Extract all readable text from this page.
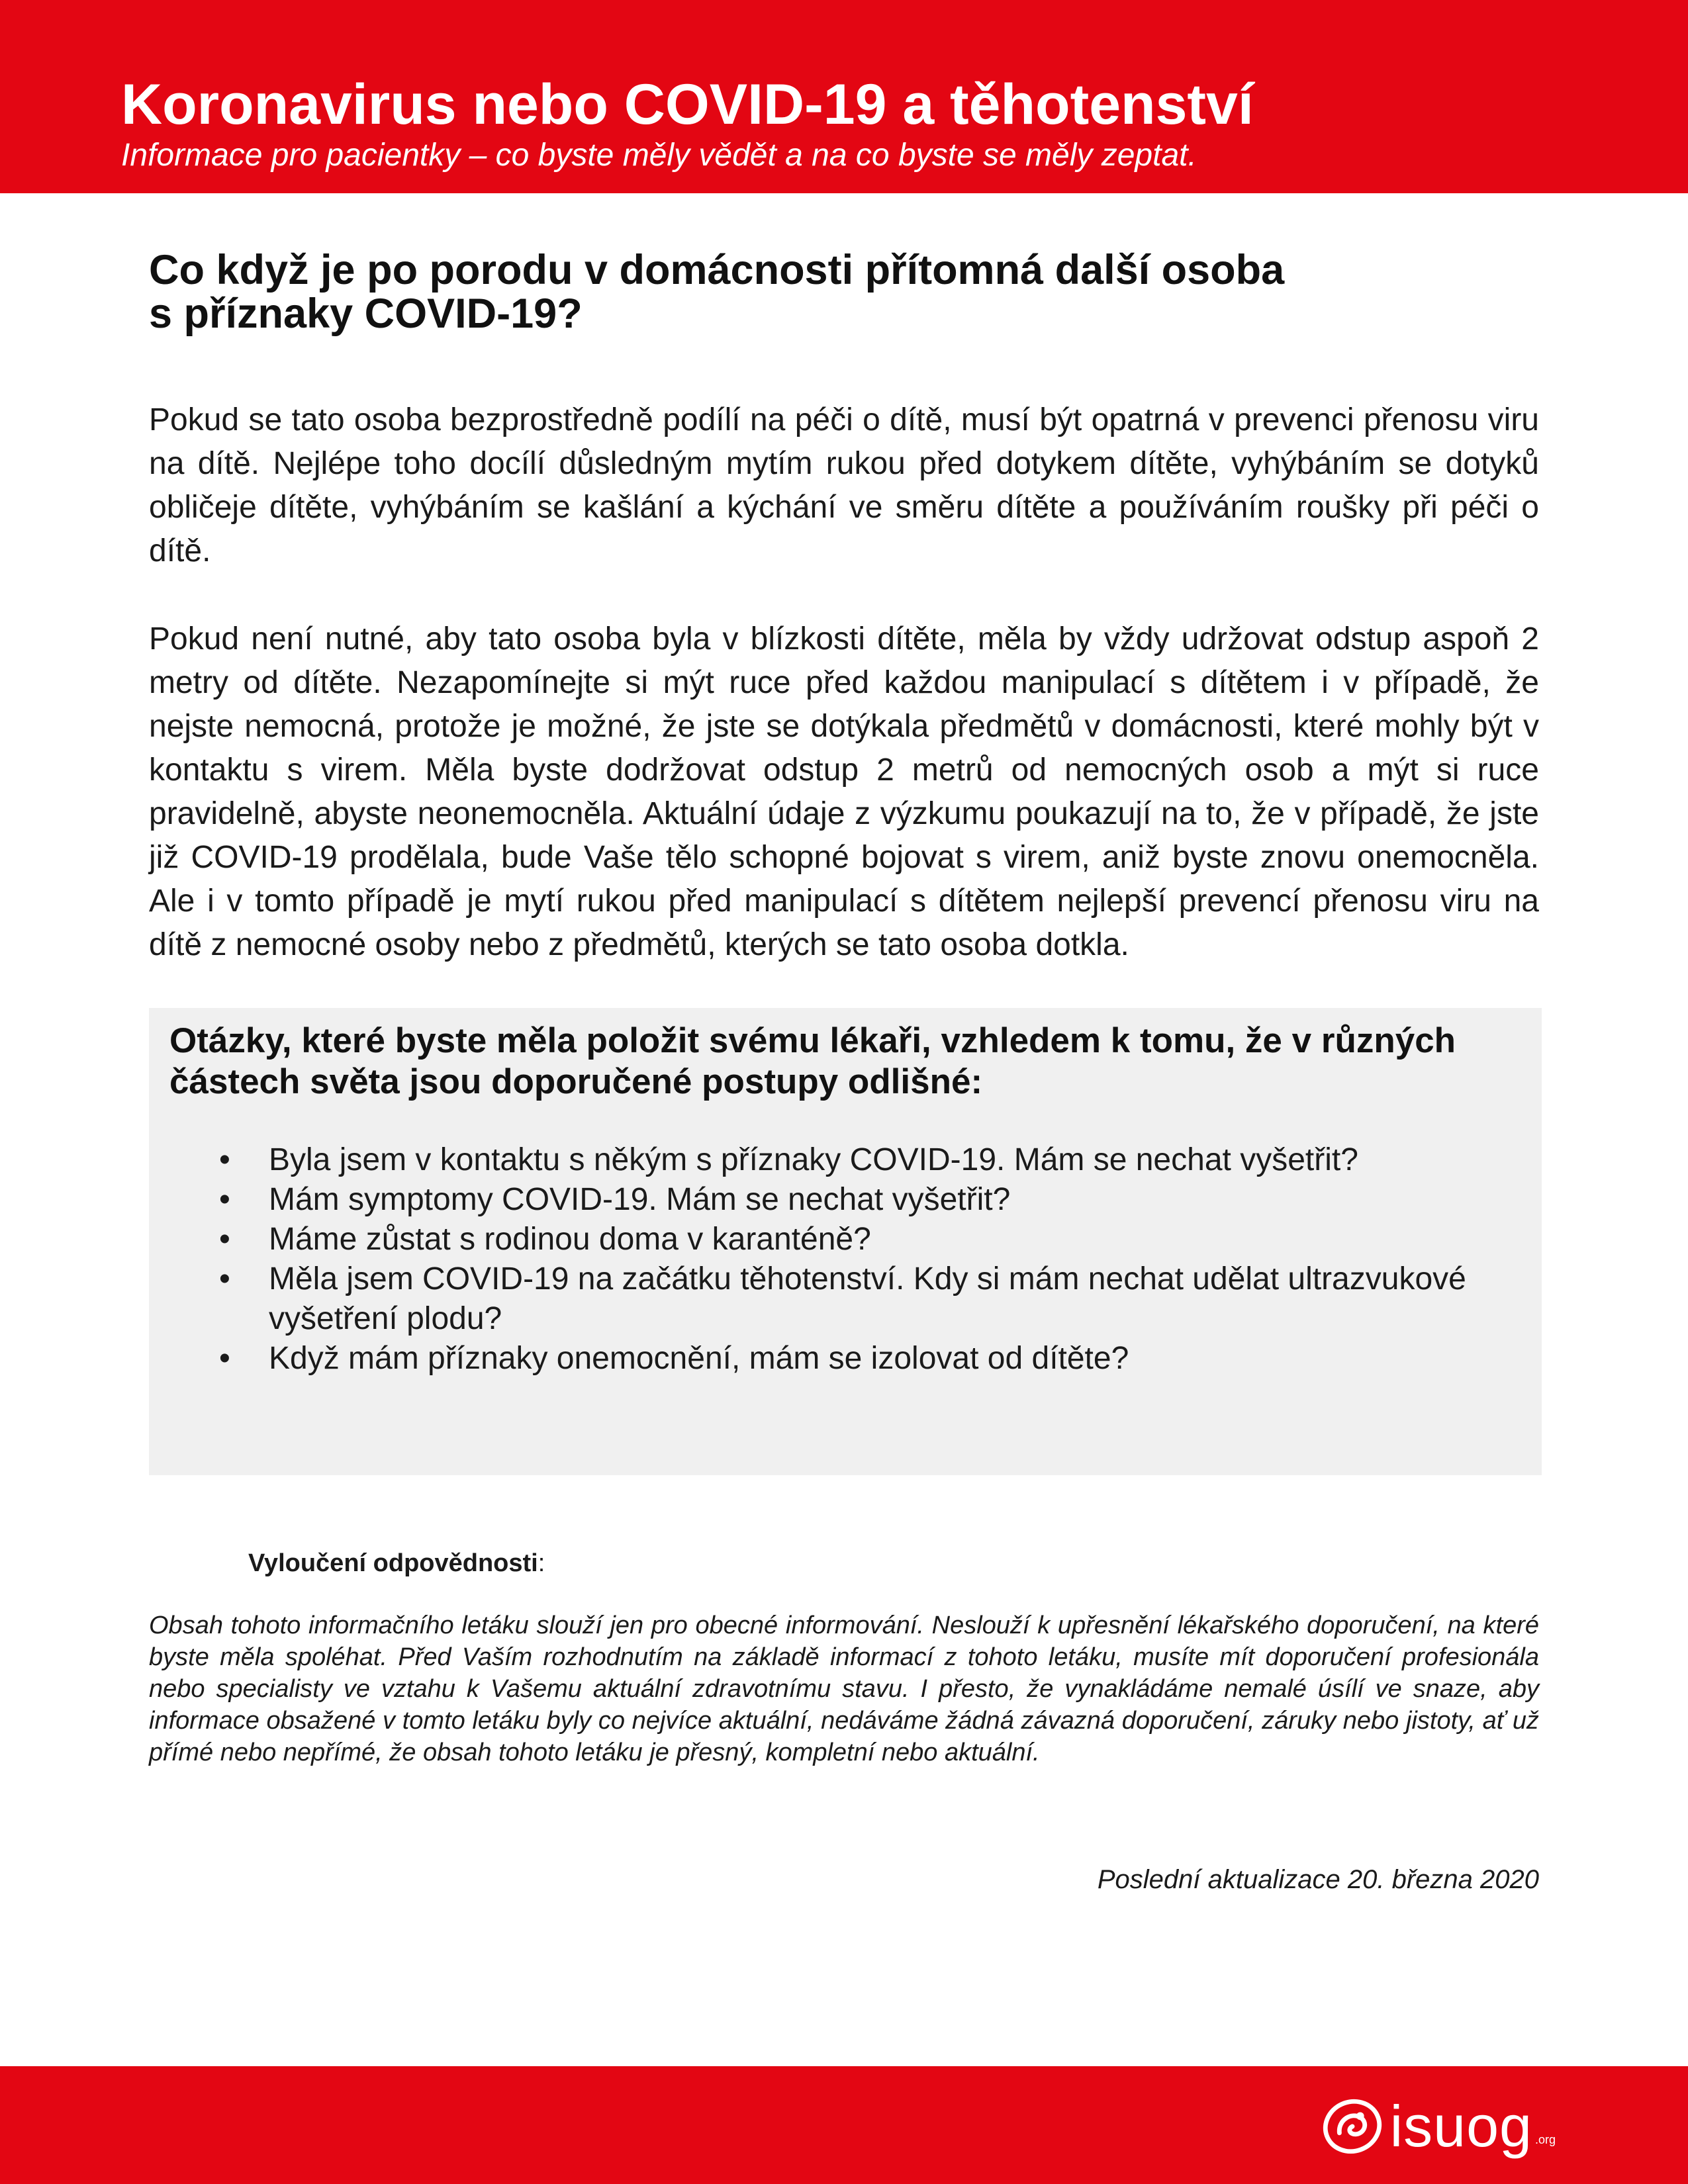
Koronavirus nebo COVID-19 a těhotenství

Informace pro pacientky – co byste měly vědět a na co byste se měly zeptat.

Co když je po porodu v domácnosti přítomná další osoba
s příznaky COVID-19?

Pokud se tato osoba bezprostředně podílí na péči o dítě, musí být opatrná v prevenci přenosu viru na dítě. Nejlépe toho docílí důsledným mytím rukou před dotykem dítěte, vyhýbáním se dotyků obličeje dítěte, vyhýbáním se kašlání a kýchání ve směru dítěte a používáním roušky při péči o dítě.

Pokud není nutné, aby tato osoba byla v blízkosti dítěte, měla by vždy udržovat odstup aspoň 2 metry od dítěte. Nezapomínejte si mýt ruce před každou manipulací s dítětem i v případě, že nejste nemocná, protože je možné, že jste se dotýkala předmětů v domácnosti, které mohly být v kontaktu s virem. Měla byste dodržovat odstup 2 metrů od nemocných osob a mýt si ruce pravidelně, abyste neonemocněla. Aktuální údaje z výzkumu poukazují na to, že v případě, že jste již COVID-19 prodělala, bude Vaše tělo schopné bojovat s virem, aniž byste znovu onemocněla. Ale i v tomto případě je mytí rukou před manipulací s dítětem nejlepší prevencí přenosu viru na dítě z nemocné osoby nebo z předmětů, kterých se tato osoba dotkla.

Otázky, které byste měla položit svému lékaři, vzhledem k tomu, že v různých částech světa jsou doporučené postupy odlišné:
• Byla jsem v kontaktu s někým s příznaky COVID-19. Mám se nechat vyšetřit?
• Mám symptomy COVID-19. Mám se nechat vyšetřit?
• Máme zůstat s rodinou doma v karanténě?
• Měla jsem COVID-19 na začátku těhotenství. Kdy si mám nechat udělat ultrazvukové vyšetření plodu?
• Když mám příznaky onemocnění, mám se izolovat od dítěte?

Vyloučení odpovědnosti:

Obsah tohoto informačního letáku slouží jen pro obecné informování. Neslouží k upřesnění lékařského doporučení, na které byste měla spoléhat. Před Vaším rozhodnutím na základě informací z tohoto letáku, musíte mít doporučení profesionála nebo specialisty ve vztahu k Vašemu aktuální zdravotnímu stavu. I přesto, že vynakládáme nemalé úsílí ve snaze, aby informace obsažené v tomto letáku byly co nejvíce aktuální, nedáváme žádná závazná doporučení, záruky nebo jistoty, ať už přímé nebo nepřímé, že obsah tohoto letáku je přesný, kompletní nebo aktuální.

Poslední aktualizace 20. března 2020

isuog .org
